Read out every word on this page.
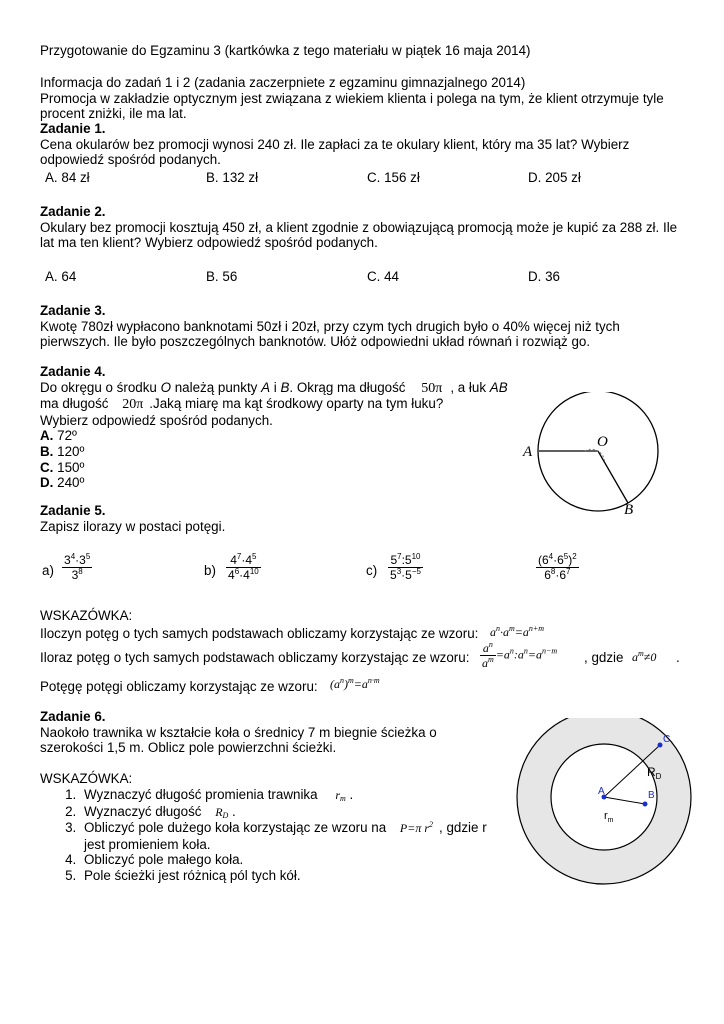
Przygotowanie do Egzaminu 3 (kartkówka z tego materiału w piątek 16 maja 2014)
Informacja do zadań 1 i 2 (zadania zaczerpniete z egzaminu gimnazjalnego 2014)
Promocja w zakładzie optycznym jest związana z wiekiem klienta i polega na tym, że klient otrzymuje tyle procent zniżki, ile ma lat.
Zadanie 1.
Cena okularów bez promocji wynosi 240 zł. Ile zapłaci za te okulary klient, który ma 35 lat? Wybierz odpowiedź spośród podanych.
A. 84 zł	B. 132 zł	C. 156 zł	D. 205 zł
Zadanie 2.
Okulary bez promocji kosztują 450 zł, a klient zgodnie z obowiązującą promocją może je kupić za 288 zł. Ile lat ma ten klient? Wybierz odpowiedź spośród podanych.
A. 64	B. 56	C. 44	D. 36
Zadanie 3.
Kwotę 780zł wypłacono banknotami 50zł i 20zł, przy czym tych drugich było o 40% więcej niż tych pierwszych. Ile było poszczególnych banknotów. Ułóż odpowiedni układ równań i rozwiąż go.
Zadanie 4.
Do okręgu o środku O należą punkty A i B. Okrąg ma długość 50π , a łuk AB
ma długość 20π .Jaką miarę ma kąt środkowy oparty na tym łuku?
Wybierz odpowiedź spośród podanych.
A. 72º
B. 120º
C. 150º
D. 240º
A
O
B
Zadanie 5.
Zapisz ilorazy w postaci potęgi.
$a) \frac{3^4\cdot 3^5}{3^8}$	$b) \frac{4^7\cdot 4^5}{4^6\cdot 4^{10}}$	$c) \frac{5^7:5^{10}}{5^3\cdot 5^{-5}}$	$\frac{(6^4\cdot 6^5)^2}{6^8\cdot 6^7}$
WSKAZÓWKA:
Iloczyn potęg o tych samych podstawach obliczamy korzystając ze wzoru: $a^n\cdot a^m=a^{n+m}$
Iloraz potęg o tych samych podstawach obliczamy korzystając ze wzoru: $\frac{a^n}{a^m}$ $=a^n:a^n=a^{n-m}$ , gdzie $a^m\ne 0$ .
Potęgę potęgi obliczamy korzystając ze wzoru: $(a^n)^m=a^{n\cdot m}$
Zadanie 6.
Naokoło trawnika w kształcie koła o średnicy 7 m biegnie ścieżka o szerokości 1,5 m. Oblicz pole powierzchni ścieżki.
WSKAZÓWKA:
1. Wyznaczyć długość promienia trawnika $r_m$ .
2. Wyznaczyć długość $R_D$ .
3. Obliczyć pole dużego koła korzystając ze wzoru na P=π $r^2$ , gdzie r
jest promieniem koła.
4. Obliczyć pole małego koła.
5. Pole ścieżki jest różnicą pól tych kół.
A	B
C
$R_D$
$r_m$
